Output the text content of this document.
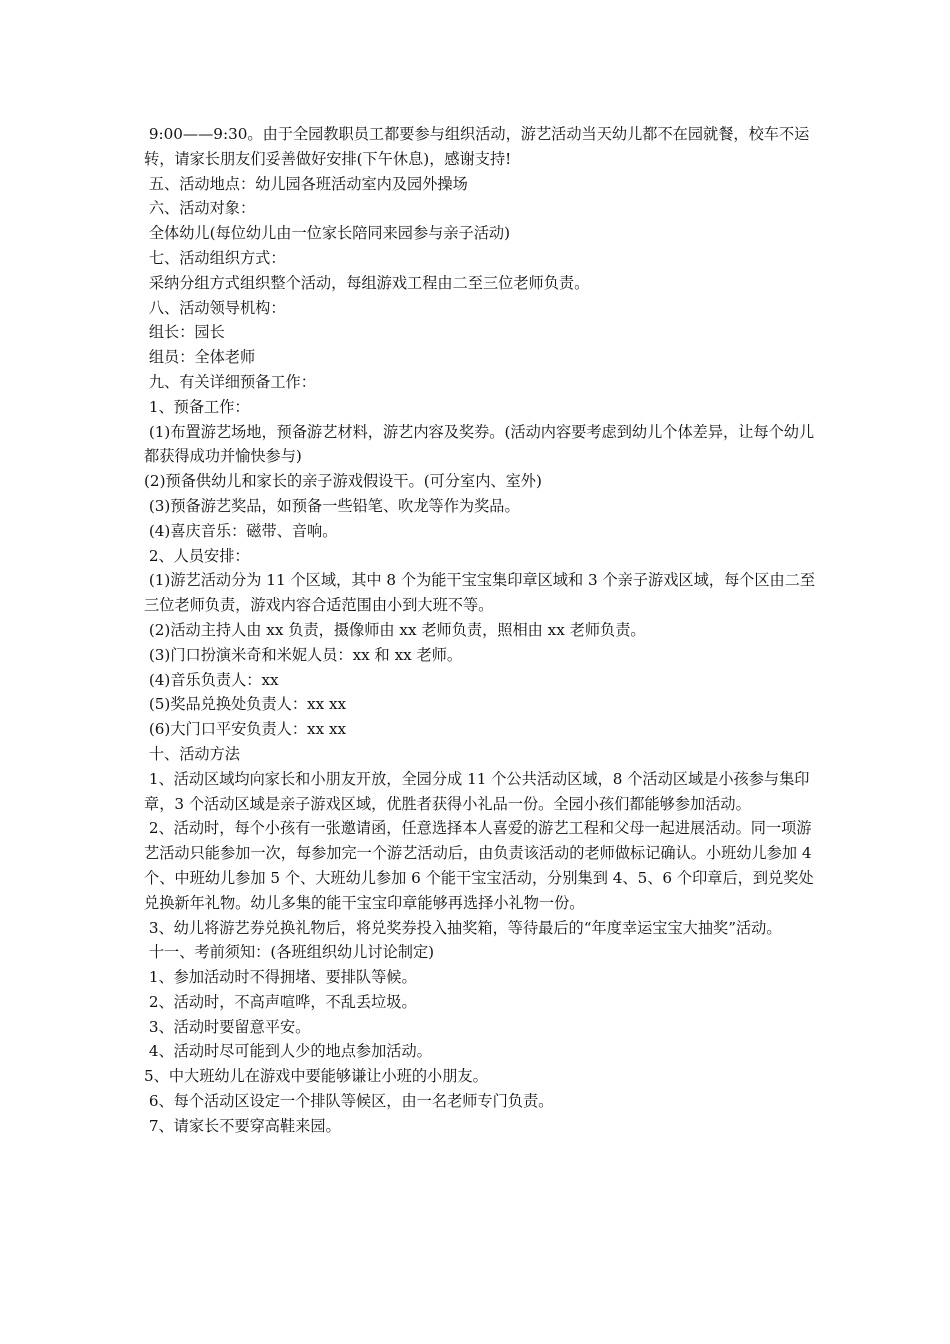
9:00——9:30。由于全园教职员工都要参与组织活动，游艺活动当天幼儿都不在园就餐，校车不运转，请家长朋友们妥善做好安排(下午休息)，感谢支持!

五、活动地点：幼儿园各班活动室内及园外操场

六、活动对象：

全体幼儿(每位幼儿由一位家长陪同来园参与亲子活动)

七、活动组织方式：

采纳分组方式组织整个活动，每组游戏工程由二至三位老师负责。

八、活动领导机构：

组长：园长

组员：全体老师

九、有关详细预备工作：

1、预备工作：

(1)布置游艺场地，预备游艺材料，游艺内容及奖券。(活动内容要考虑到幼儿个体差异，让每个幼儿都获得成功并愉快参与)

(2)预备供幼儿和家长的亲子游戏假设干。(可分室内、室外)

(3)预备游艺奖品，如预备一些铅笔、吹龙等作为奖品。

(4)喜庆音乐：磁带、音响。

2、人员安排：

(1)游艺活动分为 11 个区域，其中 8 个为能干宝宝集印章区域和 3 个亲子游戏区域，每个区由二至三位老师负责，游戏内容合适范围由小到大班不等。

(2)活动主持人由 xx 负责，摄像师由 xx 老师负责，照相由 xx 老师负责。

(3)门口扮演米奇和米妮人员：xx 和 xx 老师。

(4)音乐负责人：xx

(5)奖品兑换处负责人：xx xx

(6)大门口平安负责人：xx xx

十、活动方法

1、活动区域均向家长和小朋友开放，全园分成 11 个公共活动区域，8 个活动区域是小孩参与集印章，3 个活动区域是亲子游戏区域，优胜者获得小礼品一份。全园小孩们都能够参加活动。

2、活动时，每个小孩有一张邀请函，任意选择本人喜爱的游艺工程和父母一起进展活动。同一项游艺活动只能参加一次，每参加完一个游艺活动后，由负责该活动的老师做标记确认。小班幼儿参加 4 个、中班幼儿参加 5 个、大班幼儿参加 6 个能干宝宝活动，分别集到 4、5、6 个印章后，到兑奖处兑换新年礼物。幼儿多集的能干宝宝印章能够再选择小礼物一份。

3、幼儿将游艺券兑换礼物后，将兑奖券投入抽奖箱，等待最后的“年度幸运宝宝大抽奖”活动。

十一、考前须知：(各班组织幼儿讨论制定)

1、参加活动时不得拥堵、要排队等候。

2、活动时，不高声喧哗，不乱丢垃圾。

3、活动时要留意平安。

4、活动时尽可能到人少的地点参加活动。

5、中大班幼儿在游戏中要能够谦让小班的小朋友。

6、每个活动区设定一个排队等候区，由一名老师专门负责。

7、请家长不要穿高鞋来园。
